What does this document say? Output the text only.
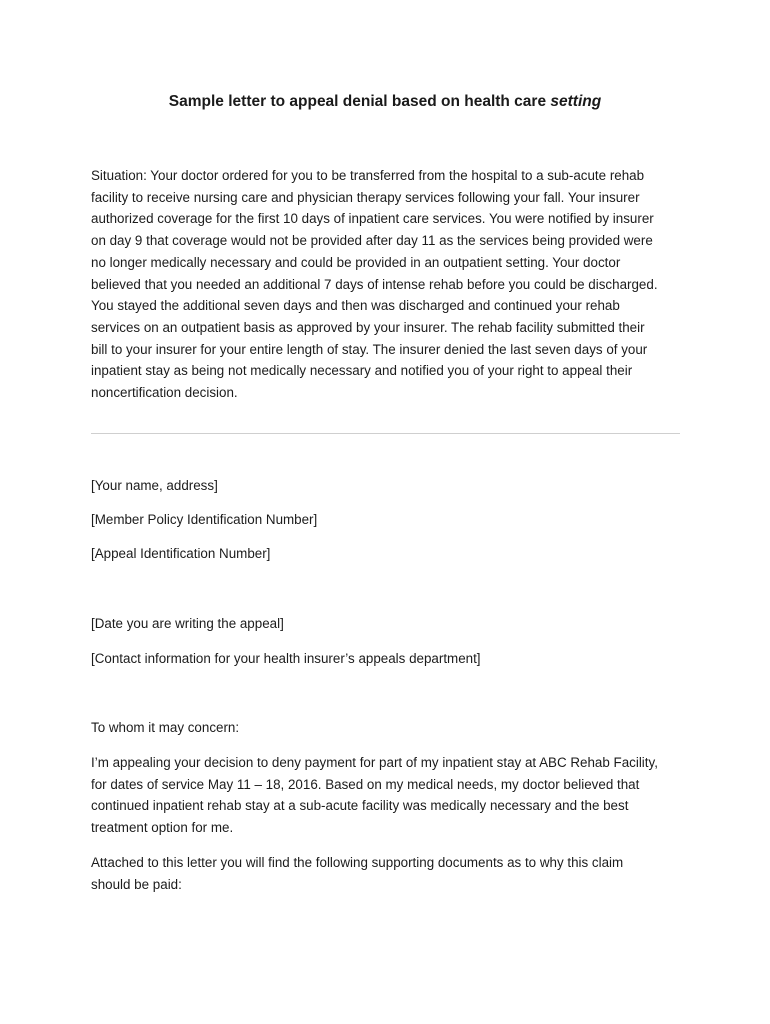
Sample letter to appeal denial based on health care setting
Situation: Your doctor ordered for you to be transferred from the hospital to a sub-acute rehab
facility to receive nursing care and physician therapy services following your fall. Your insurer
authorized coverage for the first 10 days of inpatient care services. You were notified by insurer
on day 9 that coverage would not be provided after day 11 as the services being provided were
no longer medically necessary and could be provided in an outpatient setting. Your doctor
believed that you needed an additional 7 days of intense rehab before you could be discharged.
You stayed the additional seven days and then was discharged and continued your rehab
services on an outpatient basis as approved by your insurer. The rehab facility submitted their
bill to your insurer for your entire length of stay. The insurer denied the last seven days of your
inpatient stay as being not medically necessary and notified you of your right to appeal their
noncertification decision.
[Your name, address]
[Member Policy Identification Number]
[Appeal Identification Number]
[Date you are writing the appeal]
[Contact information for your health insurer’s appeals department]
To whom it may concern:
I’m appealing your decision to deny payment for part of my inpatient stay at ABC Rehab Facility,
for dates of service May 11 – 18, 2016. Based on my medical needs, my doctor believed that
continued inpatient rehab stay at a sub-acute facility was medically necessary and the best
treatment option for me.
Attached to this letter you will find the following supporting documents as to why this claim
should be paid:
